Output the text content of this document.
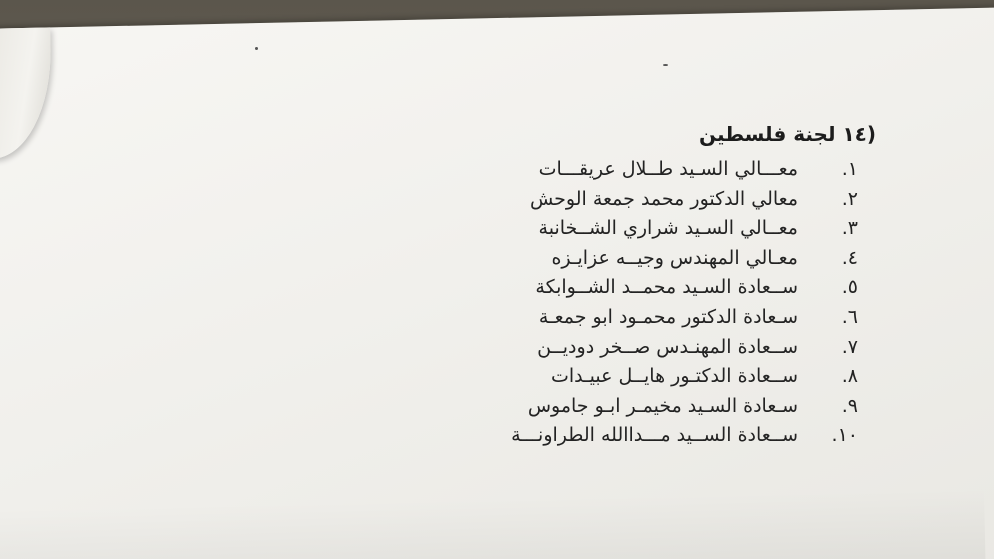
(١٤ لجنة فلسطين
١.
معـــالي السـيد طــلال عريقـــات
٢.
معالي الدكتور محمد جمعة الوحش
٣.
معــالي السـيد شراري الشــخانبة
٤.
معـالي المهندس وجيــه عزايـزه
٥.
ســعادة السـيد محمــد الشــوابكة
٦.
سـعادة الدكتور محمـود ابو جمعـة
٧.
ســعادة المهنـدس صــخر دوديــن
٨.
ســعادة الدكتـور هايــل عبيـدات
٩.
سـعادة السـيد مخيمـر ابـو جاموس
١٠.
ســعادة الســيد مـــداالله الطراونـــة
